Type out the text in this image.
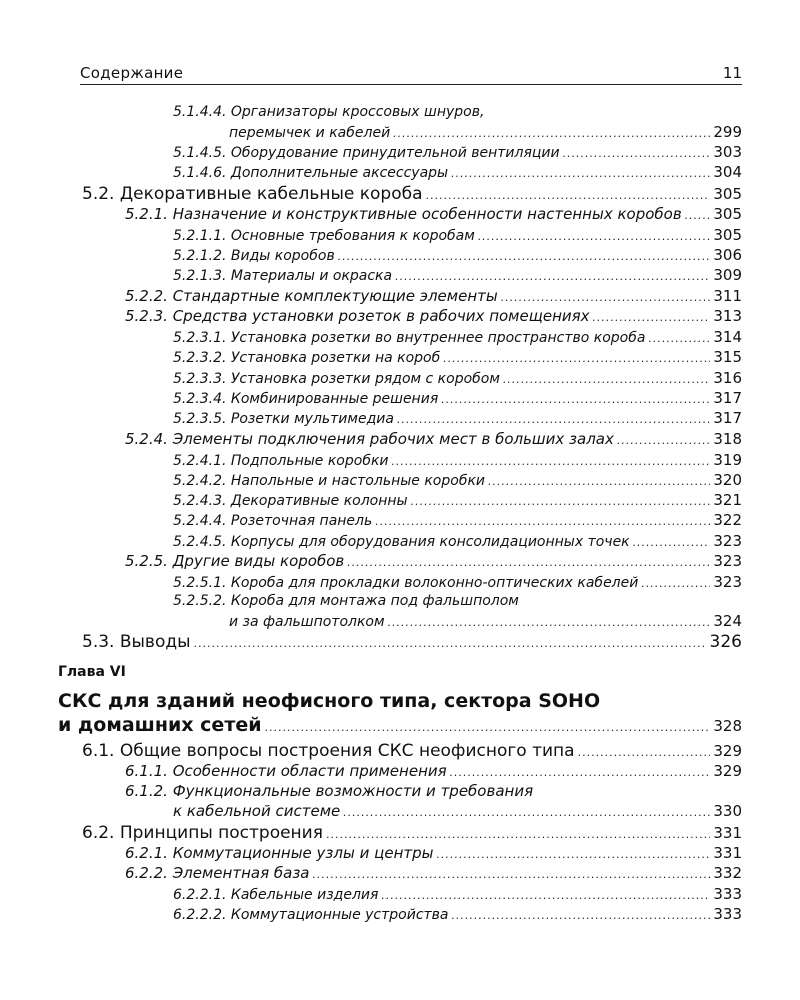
Содержание	11
5.1.4.4. Организаторы кроссовых шнуров,
перемычек и кабелей .....	299
5.1.4.5. Оборудование принудительной вентиляции .....	303
5.1.4.6. Дополнительные аксессуары .....	304
5.2. Декоративные кабельные короба .....	305
5.2.1. Назначение и конструктивные особенности настенных коробов ..... 305
5.2.1.1. Основные требования к коробам .....	305
5.2.1.2. Виды коробов .....	306
5.2.1.3. Материалы и окраска .....	309
5.2.2. Стандартные комплектующие элементы .....	311
5.2.3. Средства установки розеток в рабочих помещениях .....	313
5.2.3.1. Установка розетки во внутреннее пространство короба .....	314
5.2.3.2. Установка розетки на короб .....	315
5.2.3.3. Установка розетки рядом с коробом .....	316
5.2.3.4. Комбинированные решения .....	317
5.2.3.5. Розетки мультимедиа .....	317
5.2.4. Элементы подключения рабочих мест в больших залах .....	318
5.2.4.1. Подпольные коробки .....	319
5.2.4.2. Напольные и настольные коробки .....	320
5.2.4.3. Декоративные колонны .....	321
5.2.4.4. Розеточная панель .....	322
5.2.4.5. Корпусы для оборудования консолидационных точек .....	323
5.2.5. Другие виды коробов .....	323
5.2.5.1. Короба для прокладки волоконно-оптических кабелей .....	323
5.2.5.2. Короба для монтажа под фальшполом
и за фальшпотолком .....	324
5.3. Выводы .....	326
Глава VI
СКС для зданий неофисного типа, сектора SOHO
и домашних сетей .....	328
6.1. Общие вопросы построения СКС неофисного типа .....	329
6.1.1. Особенности области применения .....	329
6.1.2. Функциональные возможности и требования
к кабельной системе .....	330
6.2. Принципы построения .....	331
6.2.1. Коммутационные узлы и центры .....	331
6.2.2. Элементная база .....	332
6.2.2.1. Кабельные изделия .....	333
6.2.2.2. Коммутационные устройства .....	333
